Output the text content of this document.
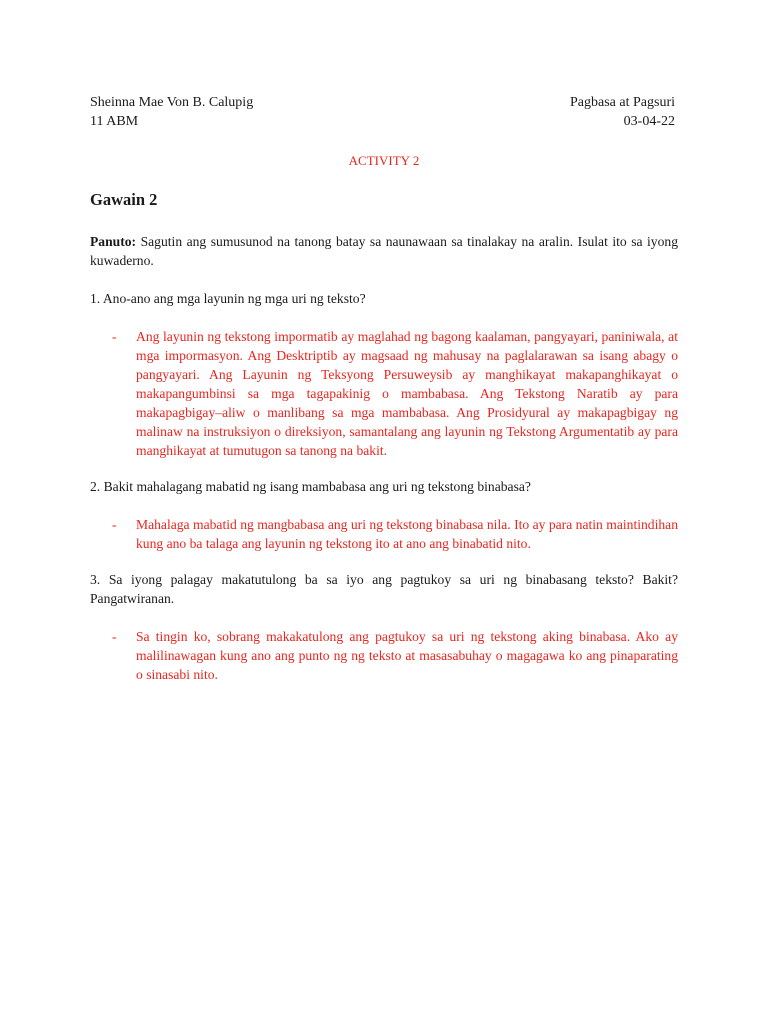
Sheinna Mae Von B. Calupig
11 ABM
Pagbasa at Pagsuri
03-04-22
ACTIVITY 2
Gawain 2

Panuto: Sagutin ang sumusunod na tanong batay sa naunawaan sa tinalakay na aralin. Isulat ito sa iyong kuwaderno.

1. Ano-ano ang mga layunin ng mga uri ng teksto?

- Ang layunin ng tekstong impormatib ay maglahad ng bagong kaalaman, pangyayari, paniniwala, at mga impormasyon. Ang Desktriptib ay magsaad ng mahusay na paglalarawan sa isang abagy o pangyayari. Ang Layunin ng Teksyong Persuweysib ay manghikayat makapanghikayat o makapangumbinsi sa mga tagapakinig o mambabasa. Ang Tekstong Naratib ay para makapagbigay–aliw o manlibang sa mga mambabasa. Ang Prosidyural ay makapagbigay ng malinaw na instruksiyon o direksiyon, samantalang ang layunin ng Tekstong Argumentatib ay para manghikayat at tumutugon sa tanong na bakit.

2. Bakit mahalagang mabatid ng isang mambabasa ang uri ng tekstong binabasa?

- Mahalaga mabatid ng mangbabasa ang uri ng tekstong binabasa nila. Ito ay para natin maintindihan kung ano ba talaga ang layunin ng tekstong ito at ano ang binabatid nito.

3. Sa iyong palagay makatutulong ba sa iyo ang pagtukoy sa uri ng binabasang teksto? Bakit? Pangatwiranan.

- Sa tingin ko, sobrang makakatulong ang pagtukoy sa uri ng tekstong aking binabasa. Ako ay malilinawagan kung ano ang punto ng ng teksto at masasabuhay o magagawa ko ang pinaparating o sinasabi nito.
